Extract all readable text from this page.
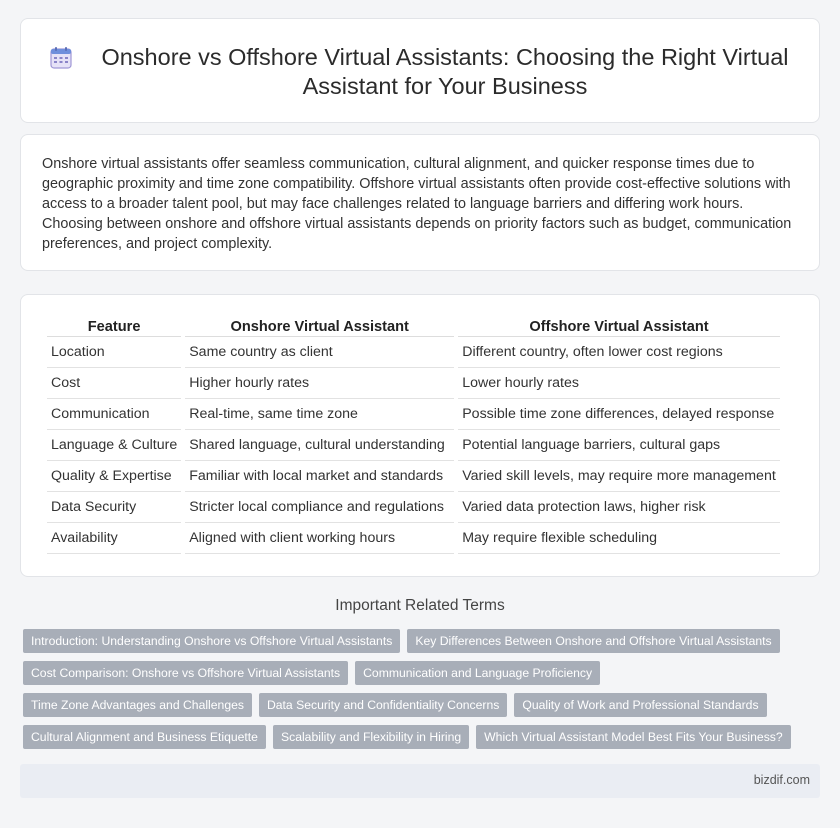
Onshore vs Offshore Virtual Assistants: Choosing the Right Virtual Assistant for Your Business

Onshore virtual assistants offer seamless communication, cultural alignment, and quicker response times due to geographic proximity and time zone compatibility. Offshore virtual assistants often provide cost-effective solutions with access to a broader talent pool, but may face challenges related to language barriers and differing work hours. Choosing between onshore and offshore virtual assistants depends on priority factors such as budget, communication preferences, and project complexity.

Feature	Onshore Virtual Assistant	Offshore Virtual Assistant
Location	Same country as client	Different country, often lower cost regions
Cost	Higher hourly rates	Lower hourly rates
Communication	Real-time, same time zone	Possible time zone differences, delayed response
Language & Culture	Shared language, cultural understanding	Potential language barriers, cultural gaps
Quality & Expertise	Familiar with local market and standards	Varied skill levels, may require more management
Data Security	Stricter local compliance and regulations	Varied data protection laws, higher risk
Availability	Aligned with client working hours	May require flexible scheduling
Important Related Terms
Introduction: Understanding Onshore vs Offshore Virtual Assistants	Key Differences Between Onshore and Offshore Virtual Assistants
Cost Comparison: Onshore vs Offshore Virtual Assistants	Communication and Language Proficiency
Time Zone Advantages and Challenges	Data Security and Confidentiality Concerns	Quality of Work and Professional Standards
Cultural Alignment and Business Etiquette	Scalability and Flexibility in Hiring	Which Virtual Assistant Model Best Fits Your Business?
bizdif.com
